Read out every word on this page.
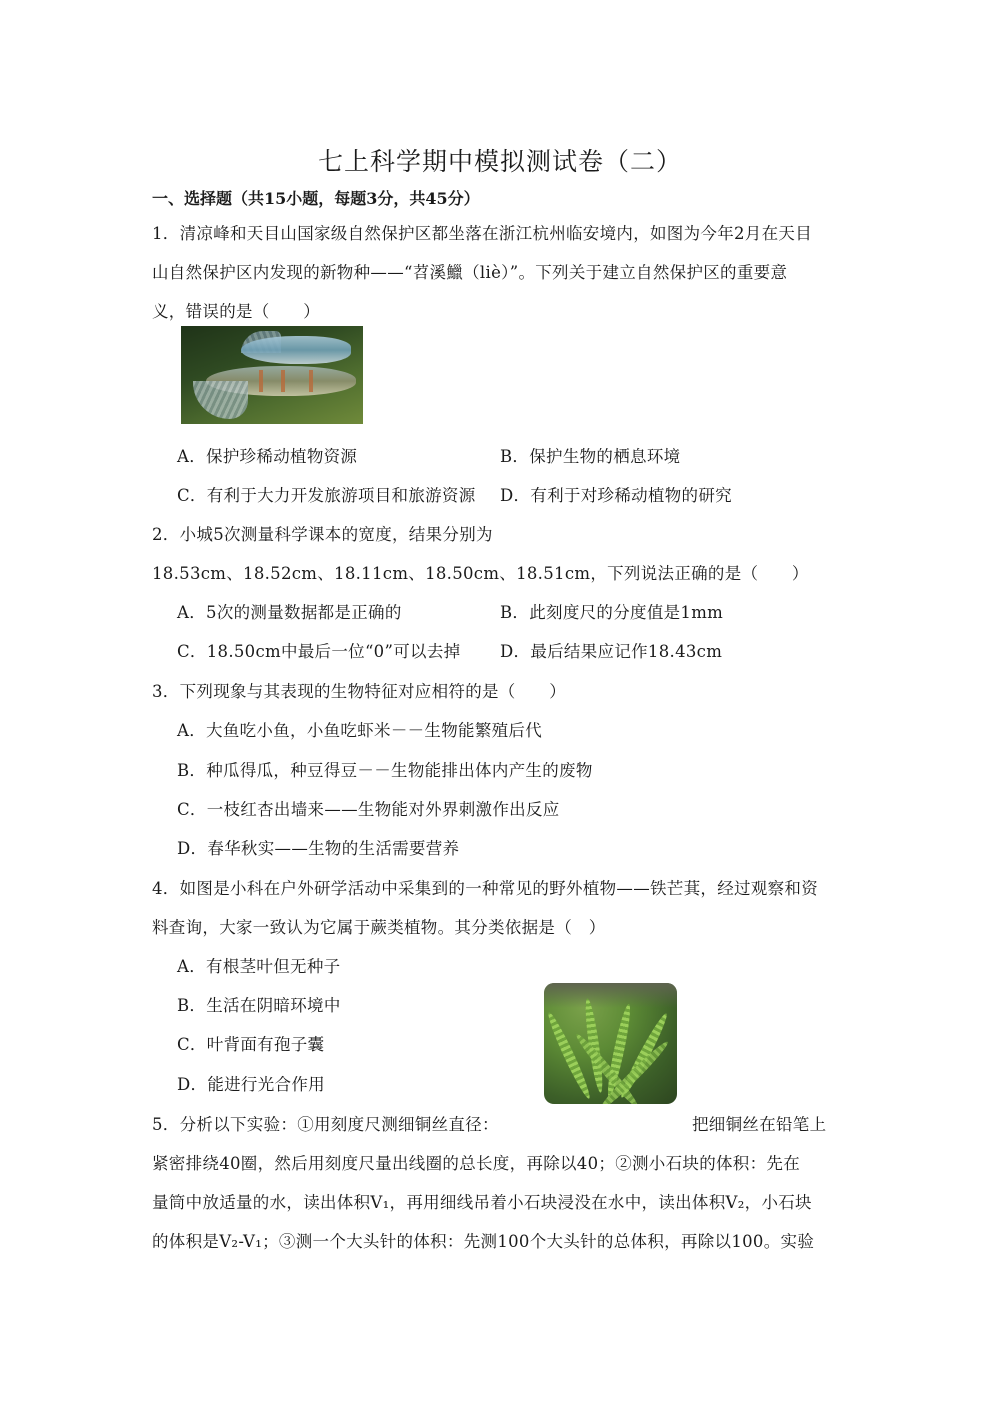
七上科学期中模拟测试卷（二）
一、选择题（共15小题，每题3分，共45分）
1．清凉峰和天目山国家级自然保护区都坐落在浙江杭州临安境内，如图为今年2月在天目
山自然保护区内发现的新物种——“苕溪鱲（liè）”。下列关于建立自然保护区的重要意
义，错误的是（　　）
A．保护珍稀动植物资源	B．保护生物的栖息环境
C．有利于大力开发旅游项目和旅游资源 D．有利于对珍稀动植物的研究
2．小城5次测量科学课本的宽度，结果分别为
18.53cm、18.52cm、18.11cm、18.50cm、18.51cm，下列说法正确的是（　　）
A．5次的测量数据都是正确的	B．此刻度尺的分度值是1mm
C．18.50cm中最后一位“0”可以去掉 D．最后结果应记作18.43cm
3．下列现象与其表现的生物特征对应相符的是（　　）
A．大鱼吃小鱼，小鱼吃虾米－－生物能繁殖后代
B．种瓜得瓜，种豆得豆－－生物能排出体内产生的废物
C．一枝红杏出墙来——生物能对外界刺激作出反应
D．春华秋实——生物的生活需要营养
4．如图是小科在户外研学活动中采集到的一种常见的野外植物——铁芒萁，经过观察和资
料查询，大家一致认为它属于蕨类植物。其分类依据是（　）
A．有根茎叶但无种子
B．生活在阴暗环境中
C．叶背面有孢子囊
D．能进行光合作用
5．分析以下实验：①用刻度尺测细铜丝直径：	把细铜丝在铅笔上
紧密排绕40圈，然后用刻度尺量出线圈的总长度，再除以40；②测小石块的体积：先在
量筒中放适量的水，读出体积V₁，再用细线吊着小石块浸没在水中，读出体积V₂，小石块
的体积是V₂-V₁；③测一个大头针的体积：先测100个大头针的总体积，再除以100。实验
